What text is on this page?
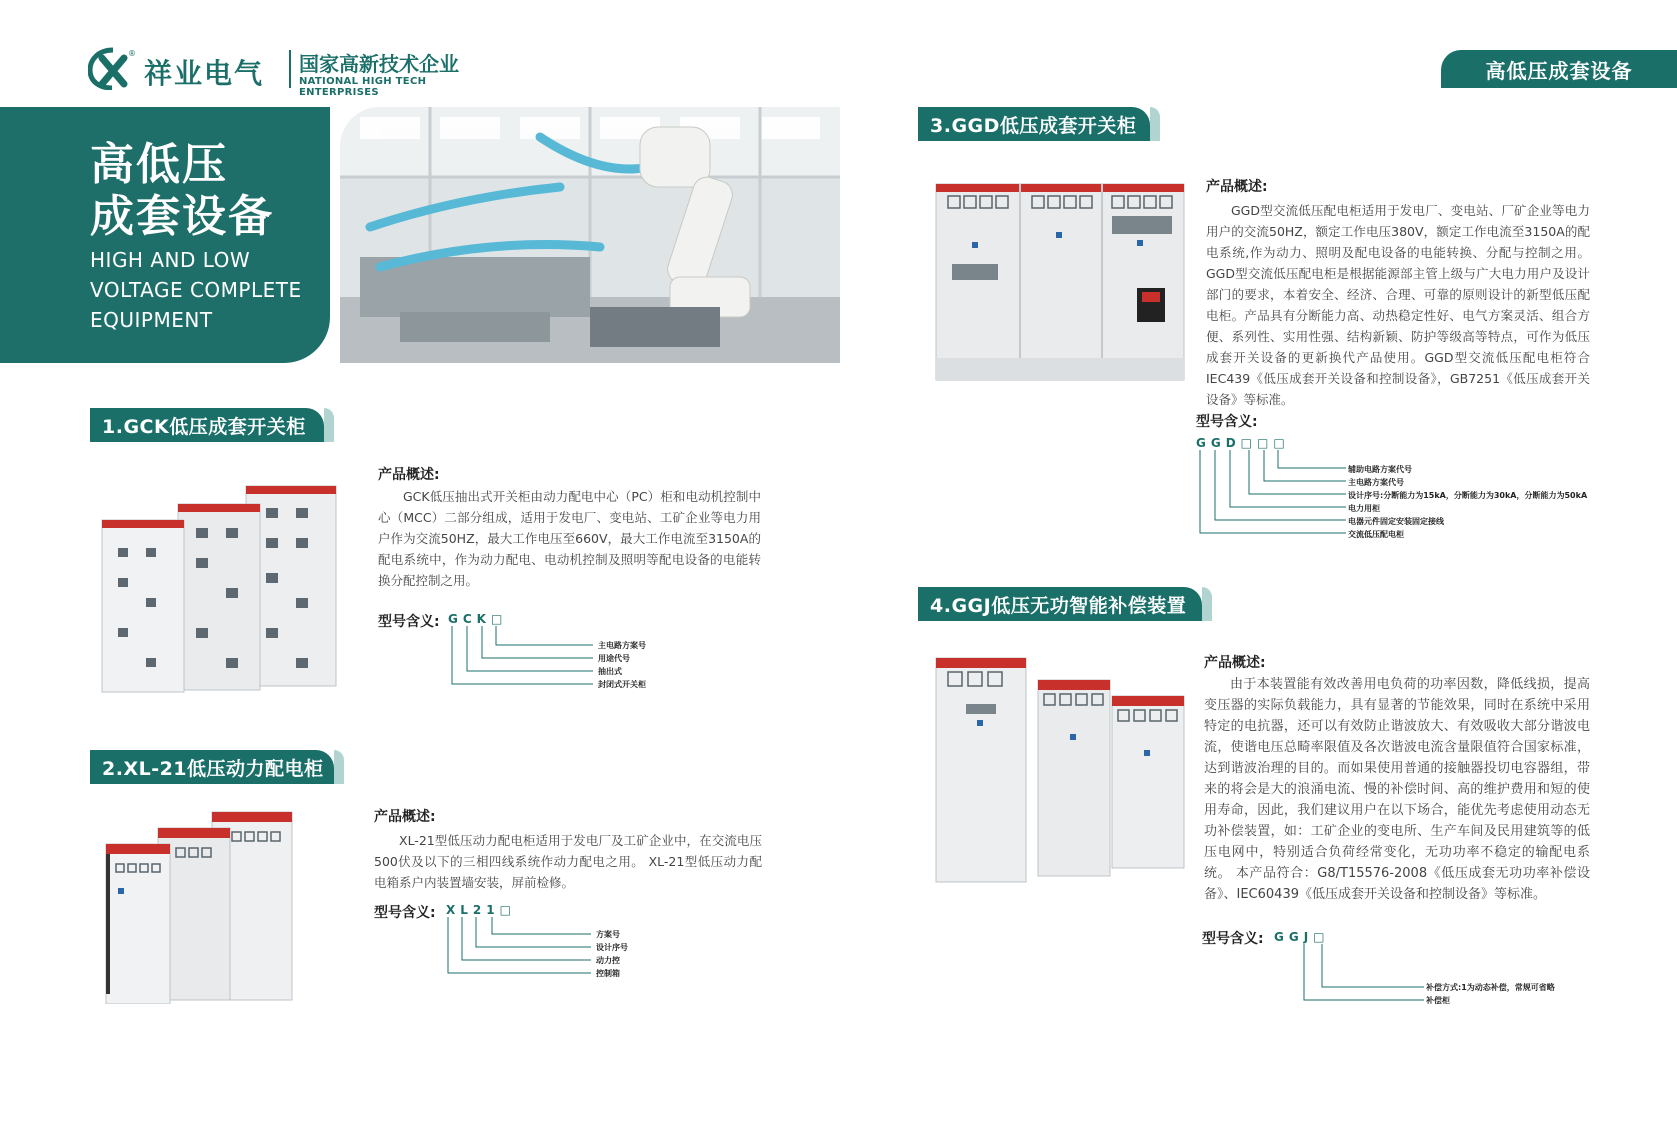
®
祥业电气 国家高新技术企业
NATIONAL HIGH TECH ENTERPRISES
高低压成套设备
高低压
成套设备
HIGH AND LOW
VOLTAGE COMPLETE
EQUIPMENT
1.GCK低压成套开关柜
产品概述:
GCK低压抽出式开关柜由动力配电中心（PC）柜和电动机控制中心（MCC）二部分组成，适用于发电厂、变电站、工矿企业等电力用户作为交流50HZ，最大工作电压至660V，最大工作电流至3150A的配电系统中，作为动力配电、电动机控制及照明等配电设备的电能转换分配控制之用。
型号含义: GCK□
主电路方案号
用途代号
抽出式
封闭式开关柜
2.XL-21低压动力配电柜
产品概述:
XL-21型低压动力配电柜适用于发电厂及工矿企业中，在交流电压500伏及以下的三相四线系统作动力配电之用。 XL-21型低压动力配电箱系户内装置墙安装，屏前检修。
型号含义: XL21□
方案号
设计序号
动力控
控制箱
3.GGD低压成套开关柜
产品概述:
GGD型交流低压配电柜适用于发电厂、变电站、厂矿企业等电力用户的交流50HZ，额定工作电压380V，额定工作电流至3150A的配电系统,作为动力、照明及配电设备的电能转换、分配与控制之用。GGD型交流低压配电柜是根据能源部主管上级与广大电力用户及设计部门的要求，本着安全、经济、合理、可靠的原则设计的新型低压配电柜。产品具有分断能力高、动热稳定性好、电气方案灵活、组合方便、系列性、实用性强、结构新颖、防护等级高等特点，可作为低压成套开关设备的更新换代产品使用。GGD型交流低压配电柜符合IEC439《低压成套开关设备和控制设备》，GB7251《低压成套开关设备》等标准。
型号含义:
GGD□□□
辅助电路方案代号
主电路方案代号
设计序号:分断能力为15kA，分断能力为30kA，分断能力为50kA
电力用柜
电器元件固定安装固定接线
交流低压配电柜
4.GGJ低压无功智能补偿装置
产品概述:
由于本装置能有效改善用电负荷的功率因数，降低线损，提高变压器的实际负载能力，具有显著的节能效果，同时在系统中采用特定的电抗器，还可以有效防止谐波放大、有效吸收大部分谐波电流，使谐电压总畸率限值及各次谐波电流含量限值符合国家标准，达到谐波治理的目的。而如果使用普通的接触器投切电容器组，带来的将会是大的浪涌电流、慢的补偿时间、高的维护费用和短的使用寿命，因此，我们建议用户在以下场合，能优先考虑使用动态无功补偿装置，如：工矿企业的变电所、生产车间及民用建筑等的低压电网中，特别适合负荷经常变化，无功功率不稳定的输配电系统。 本产品符合：G8/T15576-2008《低压成套无功功率补偿设备》、IEC60439《低压成套开关设备和控制设备》等标准。
型号含义: GGJ□
补偿方式:1为动态补偿，常规可省略
补偿柜
